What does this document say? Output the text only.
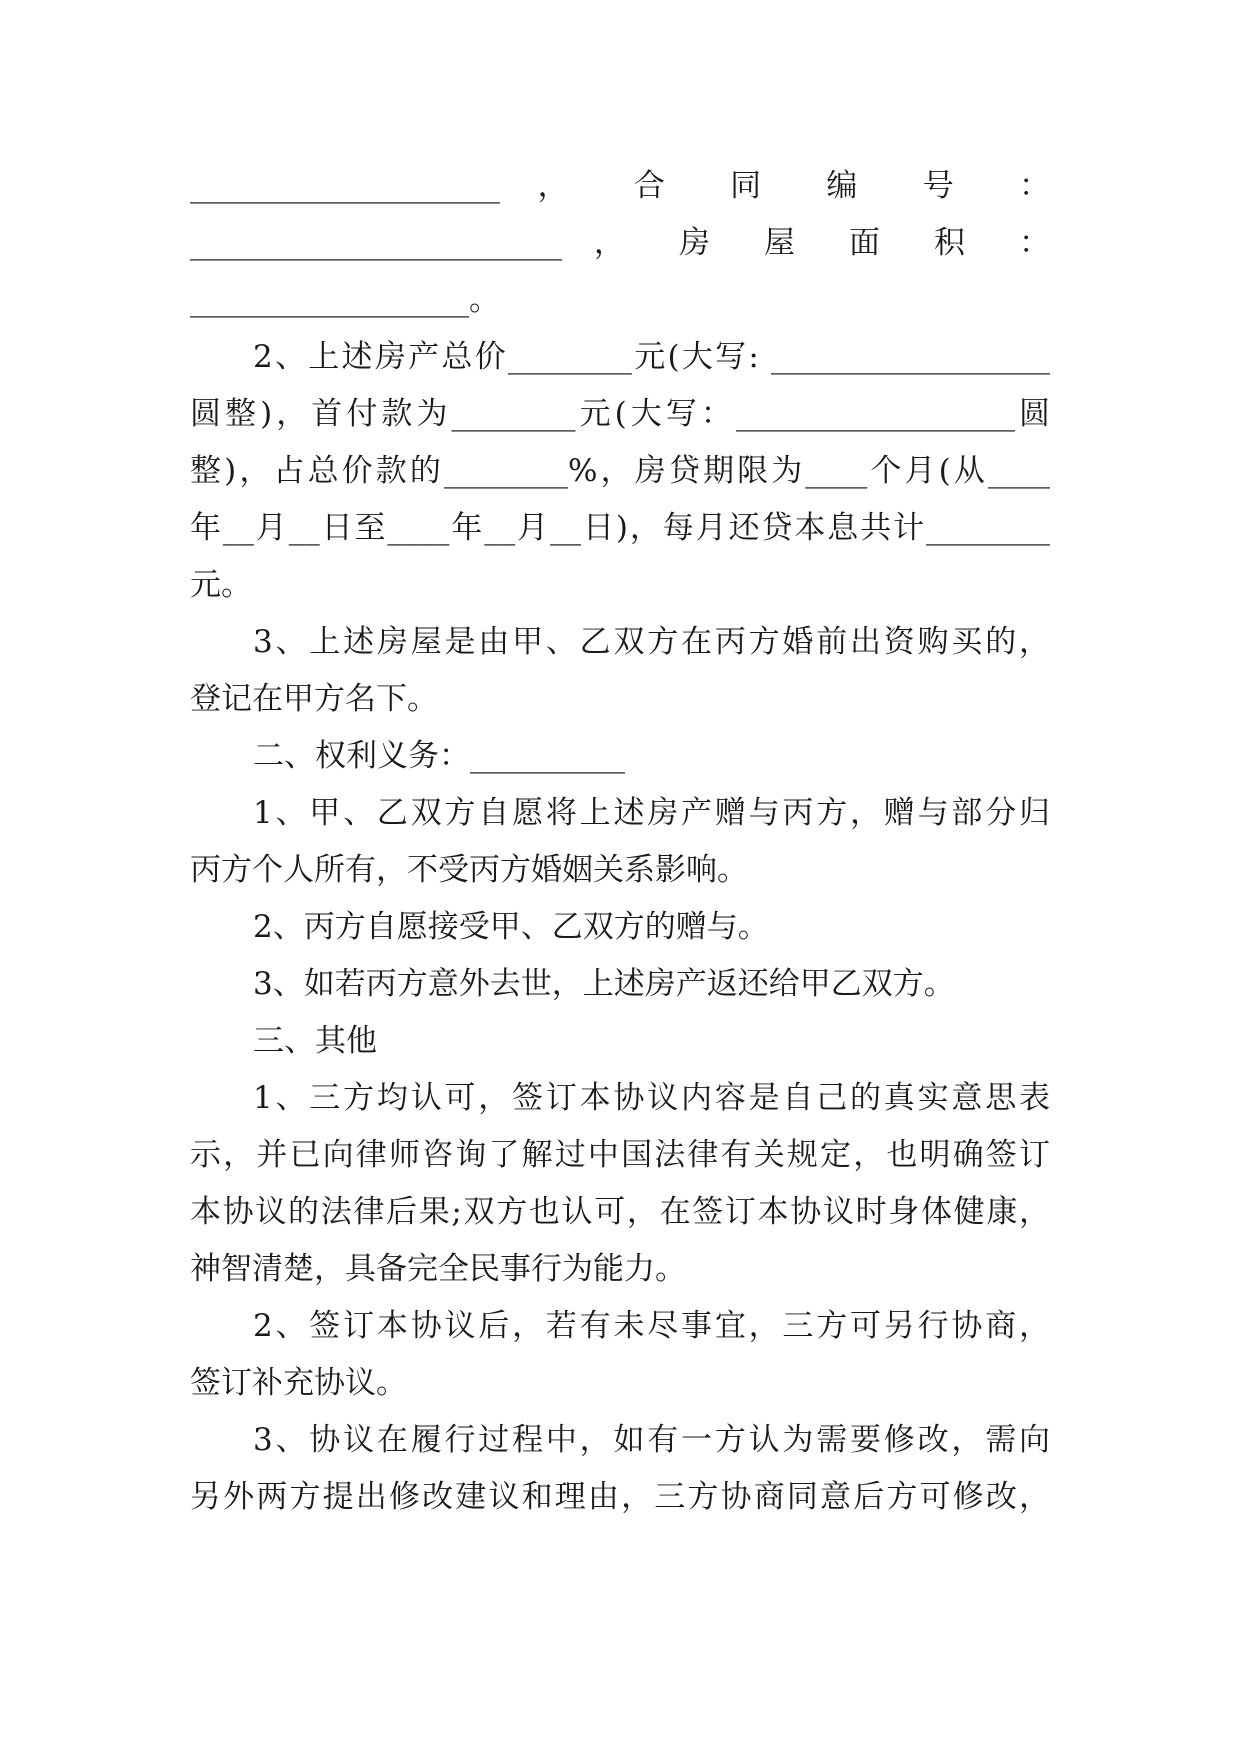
____________________ ， 合 同 编 号 ：
________________________ ， 房 屋 面 积 ：
__________________。
2、上述房产总价________元(大写: __________________
圆整)，首付款为________元(大写：__________________圆
整)，占总价款的________%，房贷期限为____个月(从____
年__月__日至____年__月__日)，每月还贷本息共计________
元。
3、上述房屋是由甲、乙双方在丙方婚前出资购买的，
登记在甲方名下。
二、权利义务：__________
1、甲、乙双方自愿将上述房产赠与丙方，赠与部分归
丙方个人所有，不受丙方婚姻关系影响。
2、丙方自愿接受甲、乙双方的赠与。
3、如若丙方意外去世，上述房产返还给甲乙双方。
三、其他
1、三方均认可，签订本协议内容是自己的真实意思表
示，并已向律师咨询了解过中国法律有关规定，也明确签订
本协议的法律后果;双方也认可，在签订本协议时身体健康，
神智清楚，具备完全民事行为能力。
2、签订本协议后，若有未尽事宜，三方可另行协商，
签订补充协议。
3、协议在履行过程中，如有一方认为需要修改，需向
另外两方提出修改建议和理由，三方协商同意后方可修改，
